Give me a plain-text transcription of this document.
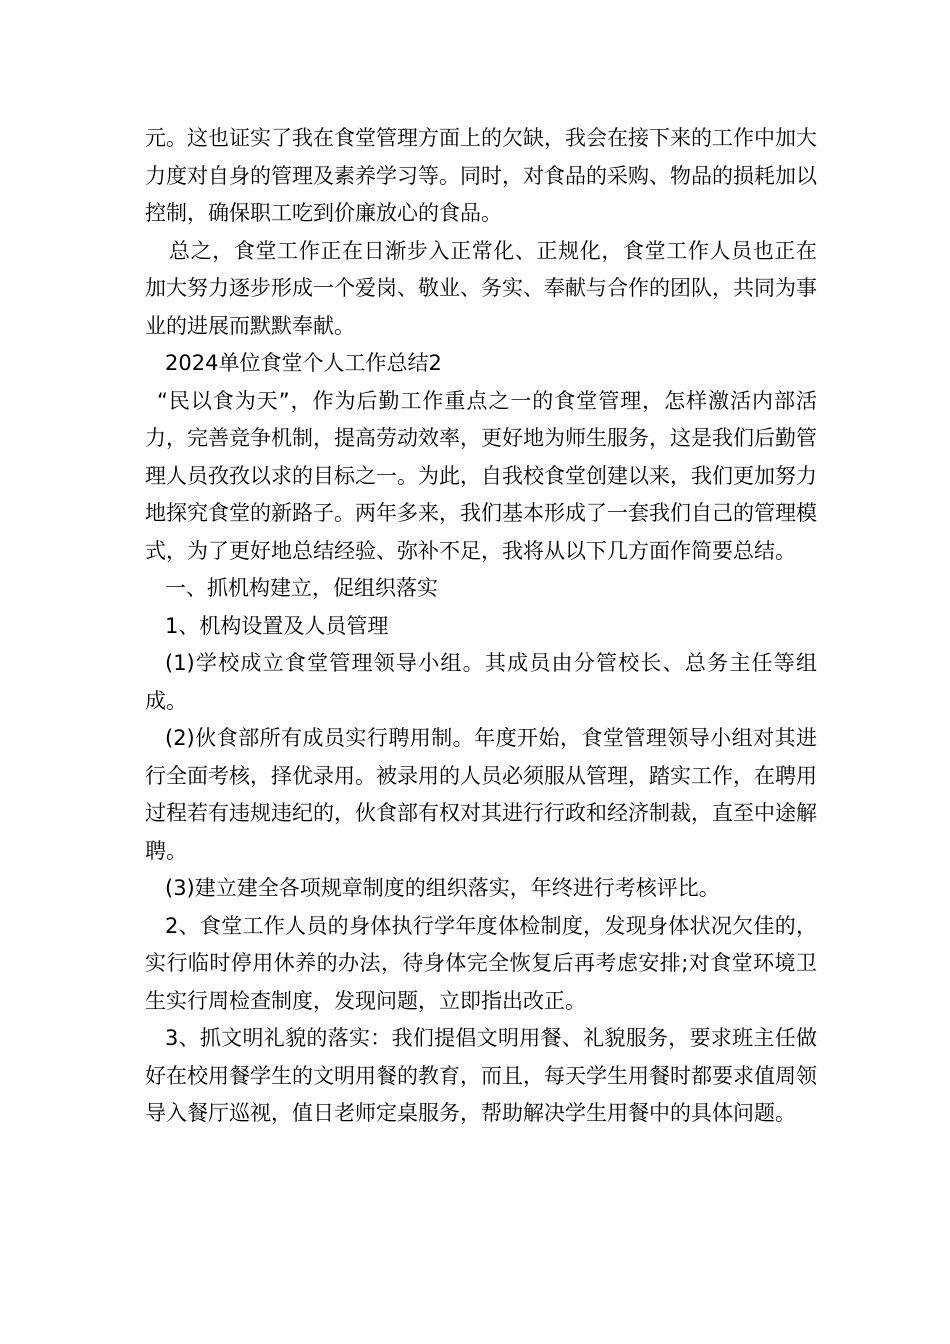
元。这也证实了我在食堂管理方面上的欠缺，我会在接下来的工作中加大力度对自身的管理及素养学习等。同时，对食品的采购、物品的损耗加以控制，确保职工吃到价廉放心的食品。

总之，食堂工作正在日渐步入正常化、正规化，食堂工作人员也正在加大努力逐步形成一个爱岗、敬业、务实、奉献与合作的团队，共同为事业的进展而默默奉献。

2024单位食堂个人工作总结2

“民以食为天”，作为后勤工作重点之一的食堂管理，怎样激活内部活力，完善竞争机制，提高劳动效率，更好地为师生服务，这是我们后勤管理人员孜孜以求的目标之一。为此，自我校食堂创建以来，我们更加努力地探究食堂的新路子。两年多来，我们基本形成了一套我们自己的管理模式，为了更好地总结经验、弥补不足，我将从以下几方面作简要总结。

一、抓机构建立，促组织落实

1、机构设置及人员管理

(1)学校成立食堂管理领导小组。其成员由分管校长、总务主任等组成。

(2)伙食部所有成员实行聘用制。年度开始，食堂管理领导小组对其进行全面考核，择优录用。被录用的人员必须服从管理，踏实工作，在聘用过程若有违规违纪的，伙食部有权对其进行行政和经济制裁，直至中途解聘。

(3)建立建全各项规章制度的组织落实，年终进行考核评比。

2、食堂工作人员的身体执行学年度体检制度，发现身体状况欠佳的，实行临时停用休养的办法，待身体完全恢复后再考虑安排;对食堂环境卫生实行周检查制度，发现问题，立即指出改正。

3、抓文明礼貌的落实：我们提倡文明用餐、礼貌服务，要求班主任做好在校用餐学生的文明用餐的教育，而且，每天学生用餐时都要求值周领导入餐厅巡视，值日老师定桌服务，帮助解决学生用餐中的具体问题。
